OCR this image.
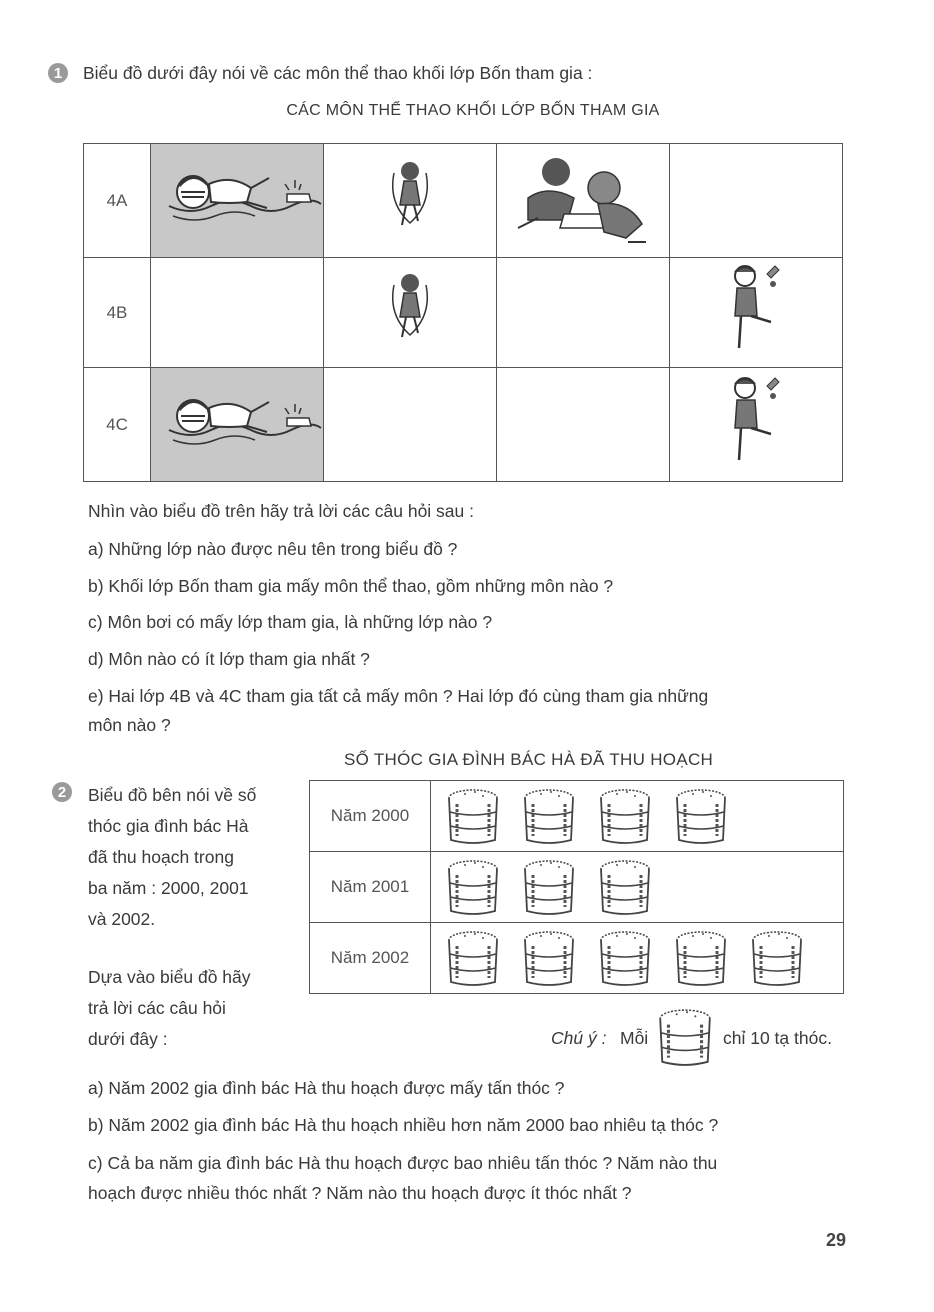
1	Biểu đồ dưới đây nói về các môn thể thao khối lớp Bốn tham gia :
CÁC MÔN THỂ THAO KHỐI LỚP BỐN THAM GIA
4A				
4B				
4C				
Nhìn vào biểu đồ trên hãy trả lời các câu hỏi sau :
a) Những lớp nào được nêu tên trong biểu đồ ?
b) Khối lớp Bốn tham gia mấy môn thể thao, gồm những môn nào ?
c) Môn bơi có mấy lớp tham gia, là những lớp nào ?
d) Môn nào có ít lớp tham gia nhất ?
e) Hai lớp 4B và 4C tham gia tất cả mấy môn ? Hai lớp đó cùng tham gia những
môn nào ?
SỐ THÓC GIA ĐÌNH BÁC HÀ ĐÃ THU HOẠCH
2	Biểu đồ bên nói về số
thóc gia đình bác Hà
đã thu hoạch trong
ba năm : 2000, 2001
và 2002.
Dựa vào biểu đồ hãy
trả lời các câu hỏi
dưới đây :
Năm 2000	
Năm 2001	
Năm 2002	
Chú ý : Mỗi	chỉ 10 tạ thóc.
a) Năm 2002 gia đình bác Hà thu hoạch được mấy tấn thóc ?
b) Năm 2002 gia đình bác Hà thu hoạch nhiều hơn năm 2000 bao nhiêu tạ thóc ?
c) Cả ba năm gia đình bác Hà thu hoạch được bao nhiêu tấn thóc ? Năm nào thu
hoạch được nhiều thóc nhất ? Năm nào thu hoạch được ít thóc nhất ?
29
